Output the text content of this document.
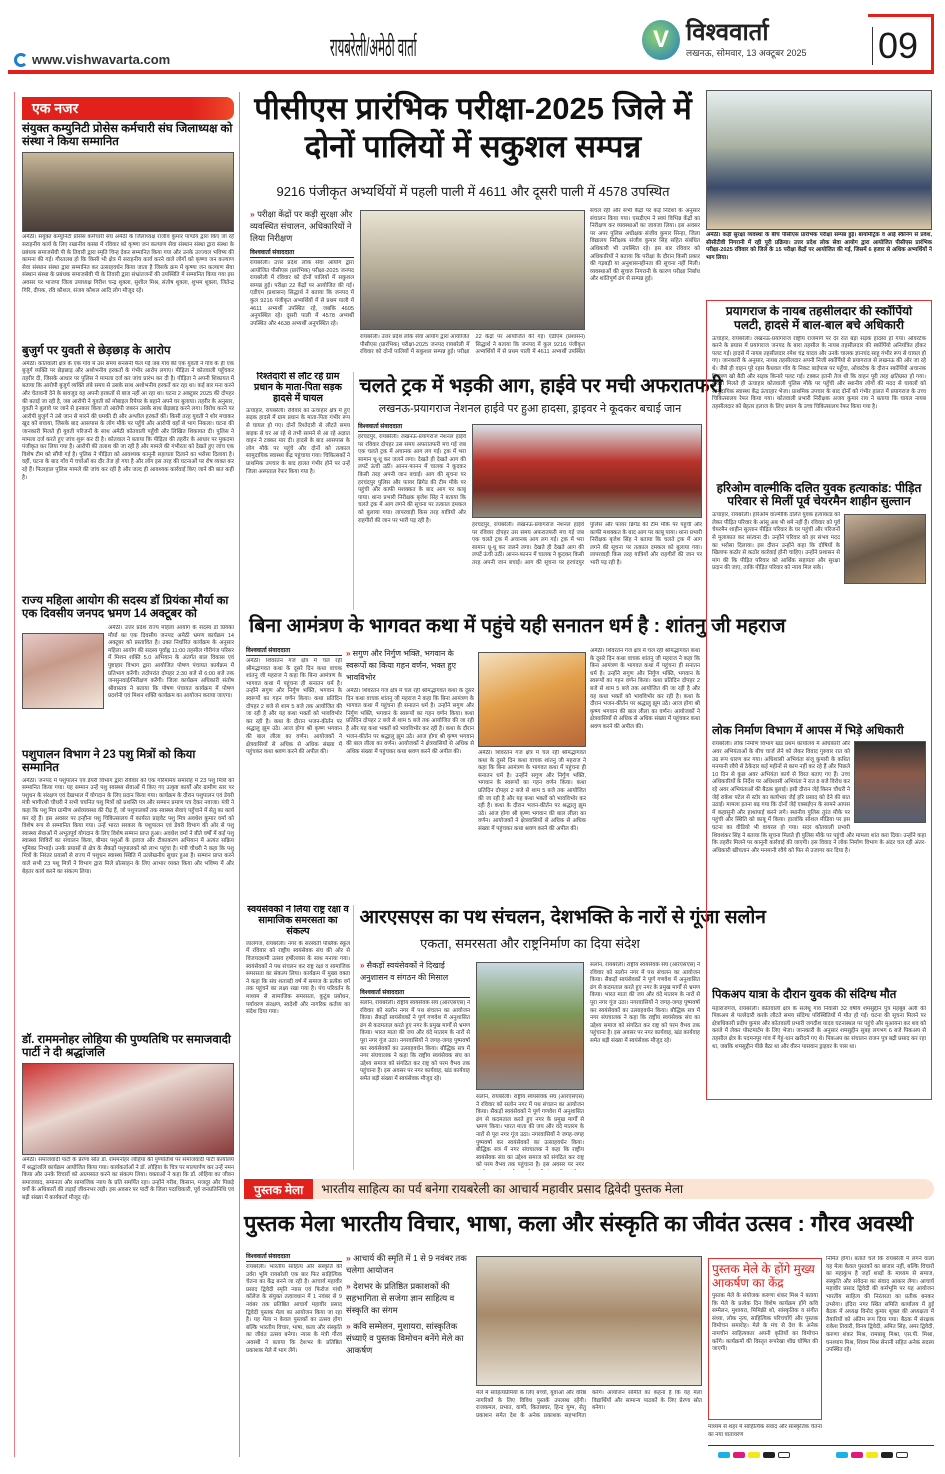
www.vishwavarta.com	रायबरेली/अमेठी वार्ता	V विश्ववार्ता
लखनऊ, सोमवार, 13 अक्टूबर 2025 09
एक नजर
संयुक्त कम्युनिटी प्रोसेस कर्मचारी संघ जिलाध्यक्ष को संस्था ने किया सम्मानित
अमेठी। संयुक्त कम्युनिटी प्रोसेस कर्मचारी संघ अमेठी के जिलाध्यक्ष राजीव कुमार पाण्डेय द्वारा किए जा रहे सराहनीय कार्य के लिए रखानीय कस्बा में रविवार को कृष्णा जन कल्याण सेवा संस्थान संस्था द्वारा संस्था के प्रबंधक समाजसेवी पी के तिवारी द्वारा स्मृति चिन्ह देकर सम्मानित किया गया और उनके उज्ज्वल भविष्य की कामना की गई। गौरतलब हो कि किसी भी क्षेत्र में सराहनीय कार्य करने वाले लोगों को कृष्णा जन कल्याण सेवा संस्थान संस्था द्वारा सम्मानित कर उत्साहवर्धन किया जाता है जिसके क्रम में कृष्णा जन कल्याण सेवा संस्थान संस्था के प्रबंधक समाजसेवी पी के तिवारी द्वारा संभ्रांतजनों की उपस्थिति में सम्मानित किया गया इस अवसर पर भाजपा जिला उपाध्यक्ष गिरीश चन्द्र शुक्ला, सुशील मिश्र, संतोष शुक्ला, शुभम शुक्ला, जितेन्द्र गिरि, दीपक, रवि कौशल, संजय कौशल आदि लोग मौजूद रहे।
बुजुर्ग पर युवती से छेड़छाड़ के आरोप
अमेठी। कोतवाली क्षेत्र के एक गाँव में उस समय सनसनी फैल गई जब गाँव की एक युवती ने गाँव के ही एक बुजुर्ग व्यक्ति पर छेड़छाड़ और अशोभनीय हरकतों के गंभीर आरोप लगाए। पीड़िता ने कोतवाली पहुँचकर तहरीर दी, जिसके आधार पर पुलिस ने मामला दर्ज कर जांच प्रारंभ कर दी है। पीड़िता ने अपनी शिकायत में बताया कि आरोपी बुजुर्ग व्यक्ति लंबे समय से उसके साथ अशोभनीय हरकतें कर रहा था। कई बार मना करने और चेतावनी देने के बावजूद वह अपनी हरकतों से बाज नहीं आ रहा था। घटना 2 अक्टूबर 2025 की दोपहर की बताई जा रही है, जब आरोपी ने युवती को मोबाइल रिपेयर के बहाने अपने घर बुलाया। तहरीर के अनुसार, युवती ने बुलावे पर जाने से इनकार किया तो आरोपी जबरन उसके साथ छेड़छाड़ करने लगा। विरोध करने पर आरोपी बुजुर्ग ने उसे जान से मारने की धमकी दी और अश्लील हरकतें कीं। किसी तरह युवती ने शोर मचाकर खुद को बचाया, जिसके बाद आसपास के लोग मौके पर पहुँचे और आरोपी वहाँ से भाग निकला। घटना की जानकारी मिलते ही युवती परिजनों के साथ अमेठी कोतवाली पहुँची और लिखित शिकायत दी। पुलिस ने मामला दर्ज करते हुए जांच शुरू कर दी है। कोतवाल ने बताया कि पीड़िता की तहरीर के आधार पर मुकदमा पंजीकृत कर लिया गया है। आरोपी की तलाश की जा रही है और मामले की गंभीरता को देखते हुए जांच एक विशेष टीम को सौंपी गई है। पुलिस ने पीड़िता को आवश्यक कानूनी सहायता दिलाने का भरोसा दिलाया है। वहीं, घटना के बाद गाँव में चर्चाओं का दौर तेज हो गया है और लोग इस तरह की घटनाओं पर रोष व्यक्त कर रहे हैं। फिलहाल पुलिस मामले की जांच कर रही है और जल्द ही आवश्यक कार्रवाई किए जाने की बात कही है।
राज्य महिला आयोग की सदस्य डॉ प्रियंका मौर्या का एक दिवसीय जनपद भ्रमण 14 अक्टूबर को
अमेठी। उत्तर प्रदेश राज्य महिला आयोग के सदस्य डॉ प्रियंका मौर्या का एक दिवसीय जनपद अमेठी भ्रमण कार्यक्रम 14 अक्टूबर को प्रस्तावित है। उक्त निर्धारित कार्यक्रम के अनुसार महिला आयोग की सदस्य पूर्वाह्न 11:00 तहसील गौरीगंज परिसर में मिशन शक्ति 5.0 अभियान के अंतर्गत बाल विकास एवं पुष्टाहार विभाग द्वारा आयोजित पोषण पंचायत कार्यक्रम में प्रतिभाग करेंगी। तदोपरांत दोपहर 2:30 बजे से 6:00 बजे तक जनसुनवाई/निरीक्षण करेंगी। जिला कार्यक्रम अधिकारी संतोष श्रीवास्तव ने बताया कि पोषण पंचायत कार्यक्रम में पोषण प्रदर्शनी एवं मिशन शक्ति कार्यक्रम का आयोजन कराया जाएगा।
पशुपालन विभाग ने 23 पशु मित्रों को किया सम्मानित
अमेठी। जनपद में पशुपालन एवं डेयरी विभाग द्वारा रविवार को एक गरिमामय समारोह में 23 पशु मित्रों को सम्मानित किया गया। यह सम्मान उन्हें पशु स्वास्थ्य सेवाओं में किए गए उत्कृष्ट कार्यों और ग्रामीण स्तर पर पशुधन के संरक्षण एवं देखभाल में योगदान के लिए प्रदान किया गया। कार्यक्रम के दौरान पशुपालन एवं डेयरी मंत्री भागीरथी चौधरी ने सभी चयनित पशु मित्रों को प्रशस्ति पत्र और सम्मान प्रमाण पत्र देकर नवाजा। मंत्री ने कहा कि पशु मित्र ग्रामीण अर्थव्यवस्था की रीढ़ हैं, जो पशुपालकों तक स्वास्थ्य सेवाएं पहुँचाने में सेतु का कार्य कर रहे हैं। इस अवसर पर इन्हौना पशु चिकित्सालय में कार्यरत प्राइवेट पशु मित्र अवधेश कुमार वर्मा को विशेष रूप से सम्मानित किया गया। उन्हें भारत सरकार के पशुपालन एवं डेयरी विभाग की ओर से पशु स्वास्थ्य सेवाओं में अभूतपूर्व योगदान के लिए विशेष सम्मान प्राप्त हुआ। अवधेश वर्मा ने बीते वर्षों में कई पशु स्वास्थ्य शिविरों का संचालन किया, बीमार पशुओं के इलाज और टीकाकरण अभियान में अत्यंत सक्रिय भूमिका निभाई। उनके प्रयासों से क्षेत्र के सैकड़ों पशुपालकों को लाभ पहुंचा है। मंत्री चौधरी ने कहा कि पशु मित्रों के निरंतर प्रयासों से राज्य में पशुधन स्वास्थ्य स्थिति में उल्लेखनीय सुधार हुआ है। सम्मान प्राप्त करने वाले सभी 23 पशु मित्रों ने विभाग द्वारा मिले प्रोत्साहन के लिए आभार व्यक्त किया और भविष्य में और बेहतर कार्य करने का संकल्प लिया।
डॉ. राममनोहर लोहिया की पुण्यतिथि पर समाजवादी पार्टी ने दी श्रद्धांजलि
अमेठी। समाजवादी पार्टी के प्रेरणा स्रोत डॉ. राममनोहर लोहिया की पुण्यतिथि पर समाजवादी पार्टी कार्यालय में श्रद्धांजलि कार्यक्रम आयोजित किया गया। कार्यकर्ताओं ने डॉ. लोहिया के चित्र पर माल्यार्पण कर उन्हें नमन किया और उनके विचारों को आत्मसात करने का संकल्प लिया। वक्ताओं ने कहा कि डॉ. लोहिया का जीवन समाजवाद, समानता और सामाजिक न्याय के प्रति समर्पित रहा। उन्होंने गरीब, किसान, मजदूर और पिछड़े वर्गों के अधिकारों की लड़ाई जीवनभर लड़ी। इस अवसर पर पार्टी के जिला पदाधिकारी, पूर्व जनप्रतिनिधि एवं बड़ी संख्या में कार्यकर्ता मौजूद रहे।
पीसीएस प्रारंभिक परीक्षा-2025 जिले में दोनों पालियों में सकुशल सम्पन्न
9216 पंजीकृत अभ्यर्थियों में पहली पाली में 4611 और दूसरी पाली में 4578 उपस्थित
» परीक्षा केंद्रों पर कड़ी सुरक्षा और व्यवस्थित संचालन, अधिकारियों ने लिया निरीक्षण
विश्ववार्ता संवाददाता
रायबरेली। उत्तर प्रदेश लोक सेवा आयोग द्वारा आयोजित पीसीएस (प्रारंभिक) परीक्षा-2025 जनपद रायबरेली में रविवार को दोनों पालियों में सकुशल सम्पन्न हुई। परीक्षा 22 केंद्रों पर आयोजित की गई। एडीएम (प्रशासन) सिद्धार्थ ने बताया कि जनपद में कुल 9216 पंजीकृत अभ्यर्थियों में से प्रथम पाली में 4611 अभ्यर्थी उपस्थित रहे, जबकि 4605 अनुपस्थित रहे। दूसरी पाली में 4578 अभ्यर्थी उपस्थित और 4638 अभ्यर्थी अनुपस्थित रहे।
सचल रहीं और सभी केंद्रों पर कड़े निर्देशों के अनुसार संचालन किया गया। एसडीएम ने स्वयं विभिन्न केंद्रों का निरीक्षण कर व्यवस्थाओं का जायजा लिया। इस अवसर पर अपर पुलिस अधीक्षक संजीव कुमार सिन्हा, जिला विद्यालय निरीक्षक संजीव कुमार सिंह सहित संबंधित अधिकारी भी उपस्थित रहे। इस बार रविवार को अधिकारियों ने बताया कि परीक्षा के दौरान किसी प्रकार की गड़बड़ी या अनुशासनहीनता की सूचना नहीं मिली। व्यवस्थाओं की सुचारु निगरानी के कारण परीक्षा निर्बाध और शांतिपूर्ण ढंग से सम्पन्न हुई।
रायबरेली। उत्तर प्रदेश लोक सेवा आयोग द्वारा आयोजित पीसीएस (प्रारंभिक) परीक्षा-2025 जनपद रायबरेली में रविवार को दोनों पालियों में सकुशल सम्पन्न हुई। परीक्षा 22 केंद्रों पर आयोजित की गई। एडीएम (प्रशासन) सिद्धार्थ ने बताया कि जनपद में कुल 9216 पंजीकृत अभ्यर्थियों में से प्रथम पाली में 4611 अभ्यर्थी उपस्थित
रिश्तेदारी से लौट रहे ग्राम प्रधान के माता-पिता सड़क हादसे में घायल
ऊंचाहार, रायबरेली। रविवार को ऊंचाहार क्षेत्र में हुए सड़क हादसे में ग्राम प्रधान के माता-पिता गंभीर रूप से घायल हो गए। दोनों रिश्तेदारी से लौटते समय बाइक से घर आ रहे थे तभी सामने से आ रहे अज्ञात वाहन ने टक्कर मार दी। हादसे के बाद आसपास के लोग मौके पर पहुंचे और दोनों को तत्काल सामुदायिक स्वास्थ्य केंद्र पहुंचाया गया। चिकित्सकों ने प्राथमिक उपचार के बाद हालत गंभीर होने पर उन्हें जिला अस्पताल रेफर किया गया है।
चलते ट्रक में भड़की आग, हाईवे पर मची अफरातफरी
लखनऊ-प्रयागराज नेशनल हाईवे पर हुआ हादसा, ड्राइवर ने कूदकर बचाई जान
विश्ववार्ता संवाददाता
हरचंदपुर, रायबरेली। लखनऊ-प्रयागराज नेशनल हाईवे पर रविवार दोपहर उस समय अफरातफरी मच गई जब एक चलते ट्रक में अचानक आग लग गई। ट्रक में भरा सामान धू-धू कर जलने लगा। देखते ही देखते आग की लपटें ऊंची उठीं। आनन-फानन में चालक ने कूदकर किसी तरह अपनी जान बचाई। आग की सूचना पर हरचंदपुर पुलिस और फायर ब्रिगेड की टीम मौके पर पहुंची और काफी मशक्कत के बाद आग पर काबू पाया। थाना प्रभारी निरीक्षक बृजेश सिंह ने बताया कि चलते ट्रक में आग लगने की सूचना पर तत्काल दमकल को बुलाया गया। लापरवाही किस तरह यात्रियों और राहगीरों की जान पर भारी पड़ रही है।
हरचंदपुर, रायबरेली। लखनऊ-प्रयागराज नेशनल हाईवे पर रविवार दोपहर उस समय अफरातफरी मच गई जब एक चलते ट्रक में अचानक आग लग गई। ट्रक में भरा सामान धू-धू कर जलने लगा। देखते ही देखते आग की लपटें ऊंची उठीं। आनन-फानन में चालक ने कूदकर किसी तरह अपनी जान बचाई। आग की सूचना पर हरचंदपुर पुलिस और फायर ब्रिगेड की टीम मौके पर पहुंची और काफी मशक्कत के बाद आग पर काबू पाया। थाना प्रभारी निरीक्षक बृजेश सिंह ने बताया कि चलते ट्रक में आग लगने की सूचना पर तत्काल दमकल को बुलाया गया। लापरवाही किस तरह यात्रियों और राहगीरों की जान पर भारी पड़ रही है।
बिना आमंत्रण के भागवत कथा में पहुंचे यही सनातन धर्म है : शांतनु जी महराज
विश्ववार्ता संवाददाता
अमेठी। शिवरतन गंज क्षेत्र में चल रही श्रीमद्भागवत कथा के दूसरे दिन कथा वाचक शांतनु जी महराज ने कहा कि बिना आमंत्रण के भागवत कथा में पहुंचना ही सनातन धर्म है। उन्होंने सगुण और निर्गुण भक्ति, भगवान के स्वरूपों का गहन वर्णन किया। कथा प्रतिदिन दोपहर 2 बजे से शाम 5 बजे तक आयोजित की जा रही है और यह कथा भक्तों को भावविभोर कर रही है। कथा के दौरान भजन-कीर्तन पर श्रद्धालु झूम उठे। आज होगा श्री कृष्ण भगवान की बाल लीला का वर्णन। आयोजकों ने क्षेत्रवासियों से अधिक से अधिक संख्या में पहुंचकर कथा श्रवण करने की अपील की।
» सगुण और निर्गुण भक्ति, भगवान के स्वरूपों का किया गहन वर्णन, भक्त हुए भावविभोर
अमेठी। शिवरतन गंज क्षेत्र में चल रही श्रीमद्भागवत कथा के दूसरे दिन कथा वाचक शांतनु जी महराज ने कहा कि बिना आमंत्रण के भागवत कथा में पहुंचना ही सनातन धर्म है। उन्होंने सगुण और निर्गुण भक्ति, भगवान के स्वरूपों का गहन वर्णन किया। कथा प्रतिदिन दोपहर 2 बजे से शाम 5 बजे तक आयोजित की जा रही है और यह कथा भक्तों को भावविभोर कर रही है। कथा के दौरान भजन-कीर्तन पर श्रद्धालु झूम उठे। आज होगा श्री कृष्ण भगवान की बाल लीला का वर्णन। आयोजकों ने क्षेत्रवासियों से अधिक से अधिक संख्या में पहुंचकर कथा श्रवण करने की अपील की।	अमेठी। शिवरतन गंज क्षेत्र में चल रही श्रीमद्भागवत कथा के दूसरे दिन कथा वाचक शांतनु जी महराज ने कहा कि बिना आमंत्रण के भागवत कथा में पहुंचना ही सनातन धर्म है। उन्होंने सगुण और निर्गुण भक्ति, भगवान के स्वरूपों का गहन वर्णन किया। कथा प्रतिदिन दोपहर 2 बजे से शाम 5 बजे तक आयोजित की जा रही है और यह कथा भक्तों को भावविभोर कर रही है। कथा के दौरान भजन-कीर्तन पर श्रद्धालु झूम उठे। आज होगा श्री कृष्ण भगवान की बाल लीला का वर्णन। आयोजकों ने क्षेत्रवासियों से अधिक से अधिक संख्या में पहुंचकर कथा श्रवण करने की अपील की।
अमेठी। शिवरतन गंज क्षेत्र में चल रही श्रीमद्भागवत कथा के दूसरे दिन कथा वाचक शांतनु जी महराज ने कहा कि बिना आमंत्रण के भागवत कथा में पहुंचना ही सनातन धर्म है। उन्होंने सगुण और निर्गुण भक्ति, भगवान के स्वरूपों का गहन वर्णन किया। कथा प्रतिदिन दोपहर 2 बजे से शाम 5 बजे तक आयोजित की जा रही है और यह कथा भक्तों को भावविभोर कर रही है। कथा के दौरान भजन-कीर्तन पर श्रद्धालु झूम उठे। आज होगा श्री कृष्ण भगवान की बाल लीला का वर्णन। आयोजकों ने क्षेत्रवासियों से अधिक से अधिक संख्या में पहुंचकर कथा श्रवण करने की अपील की।
स्वयंसेवकों ने लिया राष्ट्र रक्षा व सामाजिक समरसता का संकल्प
लालगंज, रायबरेली। नगर के सरस्वती पब्लिक स्कूल में रविवार को राष्ट्रीय स्वयंसेवक संघ की ओर से विजयदशमी उत्सव हर्षोल्लास के साथ मनाया गया। स्वयंसेवकों ने पथ संचलन कर राष्ट्र रक्षा व सामाजिक समरसता का संकल्प लिया। कार्यक्रम में मुख्य वक्ता ने कहा कि संघ शताब्दी वर्ष में समाज के प्रत्येक वर्ग तक पहुंचने का लक्ष्य रखा गया है। पंच परिवर्तन के माध्यम से सामाजिक समरसता, कुटुंब प्रबोधन, पर्यावरण संरक्षण, स्वदेशी और नागरिक कर्तव्य का संदेश दिया गया।
आरएसएस का पथ संचलन, देशभक्ति के नारों से गूंजा सलोन
एकता, समरसता और राष्ट्रनिर्माण का दिया संदेश
» सैकड़ों स्वयंसेवकों ने दिखाई अनुशासन व संगठन की मिसाल
विश्ववार्ता संवाददाता
सलोन, रायबरेली। राष्ट्रीय स्वयंसेवक संघ (आरएसएस) ने रविवार को सलोन नगर में पथ संचलन का आयोजन किया। सैकड़ों स्वयंसेवकों ने पूर्ण गणवेश में अनुशासित ढंग से कदमताल करते हुए नगर के प्रमुख मार्गों से भ्रमण किया। भारत माता की जय और वंदे मातरम के नारों से पूरा नगर गूंज उठा। नगरवासियों ने जगह-जगह पुष्पवर्षा कर स्वयंसेवकों का उत्साहवर्धन किया। बौद्धिक सत्र में नगर संघचालक ने कहा कि राष्ट्रीय स्वयंसेवक संघ का उद्देश्य समाज को संगठित कर राष्ट्र को परम वैभव तक पहुंचाना है। इस अवसर पर नगर कार्यवाह, खंड कार्यवाह समेत बड़ी संख्या में स्वयंसेवक मौजूद रहे।
सलोन, रायबरेली। राष्ट्रीय स्वयंसेवक संघ (आरएसएस) ने रविवार को सलोन नगर में पथ संचलन का आयोजन किया। सैकड़ों स्वयंसेवकों ने पूर्ण गणवेश में अनुशासित ढंग से कदमताल करते हुए नगर के प्रमुख मार्गों से भ्रमण किया। भारत माता की जय और वंदे मातरम के नारों से पूरा नगर गूंज उठा। नगरवासियों ने जगह-जगह पुष्पवर्षा कर स्वयंसेवकों का उत्साहवर्धन किया। बौद्धिक सत्र में नगर संघचालक ने कहा कि राष्ट्रीय स्वयंसेवक संघ का उद्देश्य समाज को संगठित कर राष्ट्र को परम वैभव तक पहुंचाना है। इस अवसर पर नगर
सलोन, रायबरेली। राष्ट्रीय स्वयंसेवक संघ (आरएसएस) ने रविवार को सलोन नगर में पथ संचलन का आयोजन किया। सैकड़ों स्वयंसेवकों ने पूर्ण गणवेश में अनुशासित ढंग से कदमताल करते हुए नगर के प्रमुख मार्गों से भ्रमण किया। भारत माता की जय और वंदे मातरम के नारों से पूरा नगर गूंज उठा। नगरवासियों ने जगह-जगह पुष्पवर्षा कर स्वयंसेवकों का उत्साहवर्धन किया। बौद्धिक सत्र में नगर संघचालक ने कहा कि राष्ट्रीय स्वयंसेवक संघ का उद्देश्य समाज को संगठित कर राष्ट्र को परम वैभव तक पहुंचाना है। इस अवसर पर नगर कार्यवाह, खंड कार्यवाह समेत बड़ी संख्या में स्वयंसेवक मौजूद रहे।
अमेठी। कड़ी सुरक्षा व्यवस्था के बीच पीसीएस प्रारंभिक परीक्षा सम्पन्न हुई। बायोमेट्रिक व आई स्कैनिंग से प्रवेश, सीसीटीवी निगरानी में रही पूरी प्रक्रिया। उत्तर प्रदेश लोक सेवा आयोग द्वारा आयोजित पीसीएस प्रारंभिक परीक्षा-2025 रविवार को जिले के 15 परीक्षा केंद्रों पर आयोजित की गई, जिसमें 6 हजार से अधिक अभ्यर्थियों ने भाग लिया।
प्रयागराज के नायब तहसीलदार की स्कॉर्पियो पलटी, हादसे में बाल-बाल बचे अधिकारी
ऊंचाहार, रायबरेली। लखनऊ-प्रयागराज राष्ट्रीय राजमार्ग पर देर रात बड़ा सड़क हादसा हो गया। ओवरटेक करने के प्रयास में प्रयागराज जनपद के बारा तहसील के नायब तहसीलदार की स्कॉर्पियो अनियंत्रित होकर पलट गई। हादसे में नायब तहसीलदार रमेश चंद्र यादव और उनके चालक ज्ञानचंद साहू गंभीर रूप से घायल हो गए। जानकारी के अनुसार, नायब तहसीलदार अपनी निजी स्कॉर्पियो से प्रयागराज से लखनऊ की ओर जा रहे थे। जैसे ही वाहन पूरे रहस कैथवल गाँव के निकट बाईपास पर पहुँचा, ओवरटेक के दौरान स्कॉर्पियो अचानक नियंत्रण खो बैठी और सड़क किनारे पलट गई। टक्कर इतनी तेज थी कि वाहन पूरी तरह क्षतिग्रस्त हो गया। सूचना मिलते ही ऊंचाहार कोतवाली पुलिस मौके पर पहुँची और स्थानीय लोगों की मदद से घायलों को सामुदायिक स्वास्थ्य केंद्र ऊंचाहार भेजा। प्राथमिक उपचार के बाद दोनों को गंभीर हालत में प्रयागराज के उच्च चिकित्सालय रेफर किया गया। कोतवाली प्रभारी निरीक्षक अजय कुमार राय ने बताया कि घायल नायब तहसीलदार को बेहतर इलाज के लिए प्रयाग के उच्च चिकित्सालय रेफर किया गया है।
हरिओम वाल्मीकि दलित युवक हत्याकांड: पीड़ित परिवार से मिलीं पूर्व चेयरमैन शाहीन सुल्तान
ऊंचाहार, रायबरेली। हरिओम वाल्मीकि दलित युवक हत्याकांड को लेकर पीड़ित परिवार के आंसू अब भी थमे नहीं हैं। रविवार को पूर्व चेयरमैन शाहीन सुल्तान पीड़ित परिवार के घर पहुंचीं और परिजनों से मुलाकात कर सांत्वना दी। उन्होंने परिवार को हर संभव मदद का भरोसा दिलाया। इस दौरान उन्होंने कहा कि दोषियों के खिलाफ कठोर से कठोर कार्रवाई होनी चाहिए। उन्होंने प्रशासन से मांग की कि पीड़ित परिवार को आर्थिक सहायता और सुरक्षा प्रदान की जाए, ताकि पीड़ित परिवार को न्याय मिल सके।
लोक निर्माण विभाग में आपस में भिड़े अधिकारी
रायबरेली। लोक निर्माण विभाग खंड प्रथम कार्यालय में अधिकारी और अवर अभियंताओं के बीच चार्ज लेने को लेकर विवाद गुरुवार रात को उग्र रूप धारण कर गया। अधिशासी अभियंता संजू कुमारी के कथित मनमानी रवैये से ठेकेदार कई महीनों से काम नहीं कर रहे हैं और पिछले 10 दिन से कुछ अवर अभियंता कार्य से विरत बताए गए हैं। उच्च अधिकारियों के निर्देश पर अधिशासी अभियंता ने रात 8 बजे विरोध कर रहे अवर अभियंताओं की बैठक बुलाई। इसी दौरान जेई किरन चौधरी ने जेई राकेश पटेल से स्टोर का कार्यभार जेई हरि प्रसाद को देने की बात उठाई। मामला इतना बढ़ गया कि दोनों जेई एक्सईएन के सामने आपस में कहासुनी और हाथापाई करने लगे। स्थानीय पुलिस तुरंत मौके पर पहुंची और स्थिति को काबू में किया। हालांकि सोशल मीडिया पर इस घटना का वीडियो भी वायरल हो गया। सदर कोतवाली प्रभारी शिवशंकर सिंह ने बताया कि सूचना मिलते ही पुलिस मौके पर पहुंची और मामला शांत करा दिया। उन्होंने कहा कि तहरीर मिलने पर कानूनी कार्रवाई की जाएगी। इस विवाद ने लोक निर्माण विभाग के अंदर चल रही अंतर-अधिकारी खींचतान और मनमानी रवैये को फिर से उजागर कर दिया है।
पिकअप यात्रा के दौरान युवक की संदिग्ध मौत
महाराजगंज, रायबरेली। कोतवाली क्षेत्र के सलेथू गांव निवासी 32 वर्षीय शमसुद्दीन पुत्र महबूब अली की पिकअप से पल्लेदारी करके लौटते समय संदिग्ध परिस्थितियों में मौत हो गई। घटना की सूचना मिलने पर क्षेत्राधिकारी प्रदीप कुमार और कोतवाली प्रभारी जगदीश यादव घटनास्थल पर पहुंचे और मुआयना कर शव को कब्जे में लेकर पोस्टमार्टम के लिए भेजा। जानकारी के अनुसार शमसुद्दीन सुबह लगभग 6 बजे पिकअप से तहसील क्षेत्र के पदमनपुर गांव में गेहूं-धान खरीदने गए थे। पिकअप का संचालन राजन पुत्र बद्री प्रसाद कर रहा था, जबकि शमसुद्दीन पीछे बैठा था और वीरन पासवान ड्राइवर के पास था।
पुस्तक मेला	भारतीय साहित्य का पर्व बनेगा रायबरेली का आचार्य महावीर प्रसाद द्विवेदी पुस्तक मेला
पुस्तक मेला भारतीय विचार, भाषा, कला और संस्कृति का जीवंत उत्सव : गौरव अवस्थी
विश्ववार्ता संवाददाता
रायबरेली। भारतीय साहित्य और संस्कृति की उर्वरा भूमि रायबरेली एक बार फिर साहित्यिक चेतना का केंद्र बनने जा रही है। आचार्य महावीर प्रसाद द्विवेदी स्मृति न्यास एवं फिरोज गांधी कॉलेज के संयुक्त तत्वावधान में 1 नवंबर से 9 नवंबर तक प्रतिष्ठित आचार्य महावीर प्रसाद द्विवेदी पुस्तक मेला का आयोजन किया जा रहा है। यह मेला न केवल पुस्तकों का उत्सव होगा बल्कि भारतीय विचार, भाषा, कला और संस्कृति का जीवंत उत्सव बनेगा। न्यास के मंत्री गौरव अवस्थी ने बताया कि देशभर के प्रतिष्ठित प्रकाशक मेले में भाग लेंगे।
» आचार्य की स्मृति में 1 से 9 नवंबर तक चलेगा आयोजन
» देशभर के प्रतिष्ठित प्रकाशकों की सहभागिता से सजेगा ज्ञान साहित्य व संस्कृति का संगम
» कवि सम्मेलन, मुशायरा, सांस्कृतिक संध्याएँ व पुस्तक विमोचन बनेंगे मेले का आकर्षण
मेले में साहित्यप्रेमियों के लिए बच्चों, युवाओं और वरिष्ठ नागरिकों के लिए विविध पुस्तकें उपलब्ध रहेंगी। राजकमल, प्रभात, वाणी, किताबघर, हिन्द युग्म, सेतु प्रकाशन समेत देश के अनेक प्रकाशक सहभागिता करेंगे। आयोजन समिति का कहना है कि यह मेला विद्यार्थियों और सामान्य पाठकों के लिए प्रेरणा स्रोत बनेगा।
पुस्तक मेले के होंगे मुख्य आकर्षण का केंद्र
पुस्तक मेले के संयोजक करुणा शंकर मिश्र ने बताया कि मेले के प्रत्येक दिन विशेष कार्यक्रम होंगे कवि सम्मेलन, मुशायरा, मिमिक्री शो, सांस्कृतिक व संगीत संध्या, लोक नृत्य, साहित्यिक परिचर्चाएँ और पुस्तक विमोचन समारोह। मेले के मंच से देश के अनेक नामचीन साहित्यकार अपनी कृतियों का विमोचन करेंगे। कार्यक्रमों की विस्तृत रूपरेखा शीघ्र घोषित की जाएगी।
माध्यम से शहर में साहित्यिक संवाद और सांस्कृतिक चेतना का नया वातावरण
निर्मित होगा। बताते चलें कि रायबरेली में लगने वाला यह मेला केवल पुस्तकों का बाजार नहीं, बल्कि विचारों का महाकुंभ है जहाँ शब्दों के माध्यम से समाज, संस्कृति और संवेदना का संवाद आकार लेगा। आचार्य महावीर प्रसाद द्विवेदी की कर्मभूमि पर यह आयोजन भारतीय साहित्य की निरंतरता का प्रतीक बनकर उभरेगा। इंदिरा नगर स्थित समिति कार्यालय में हुई बैठक में अध्यक्ष विनोद कुमार शुक्ल की अध्यक्षता में तैयारियों को अंतिम रूप दिया गया। बैठक में संरक्षक राकेश तिवारी, विनय द्विवेदी, अमित सिंह, अमर द्विवेदी, करुणा शंकर मिश्र, रामबाबू मिश्रा, एस.पी. मिश्रा, घनश्याम मिश्र, शिवम मिश्र सेनानी सहित अनेक सदस्य उपस्थित रहे।
